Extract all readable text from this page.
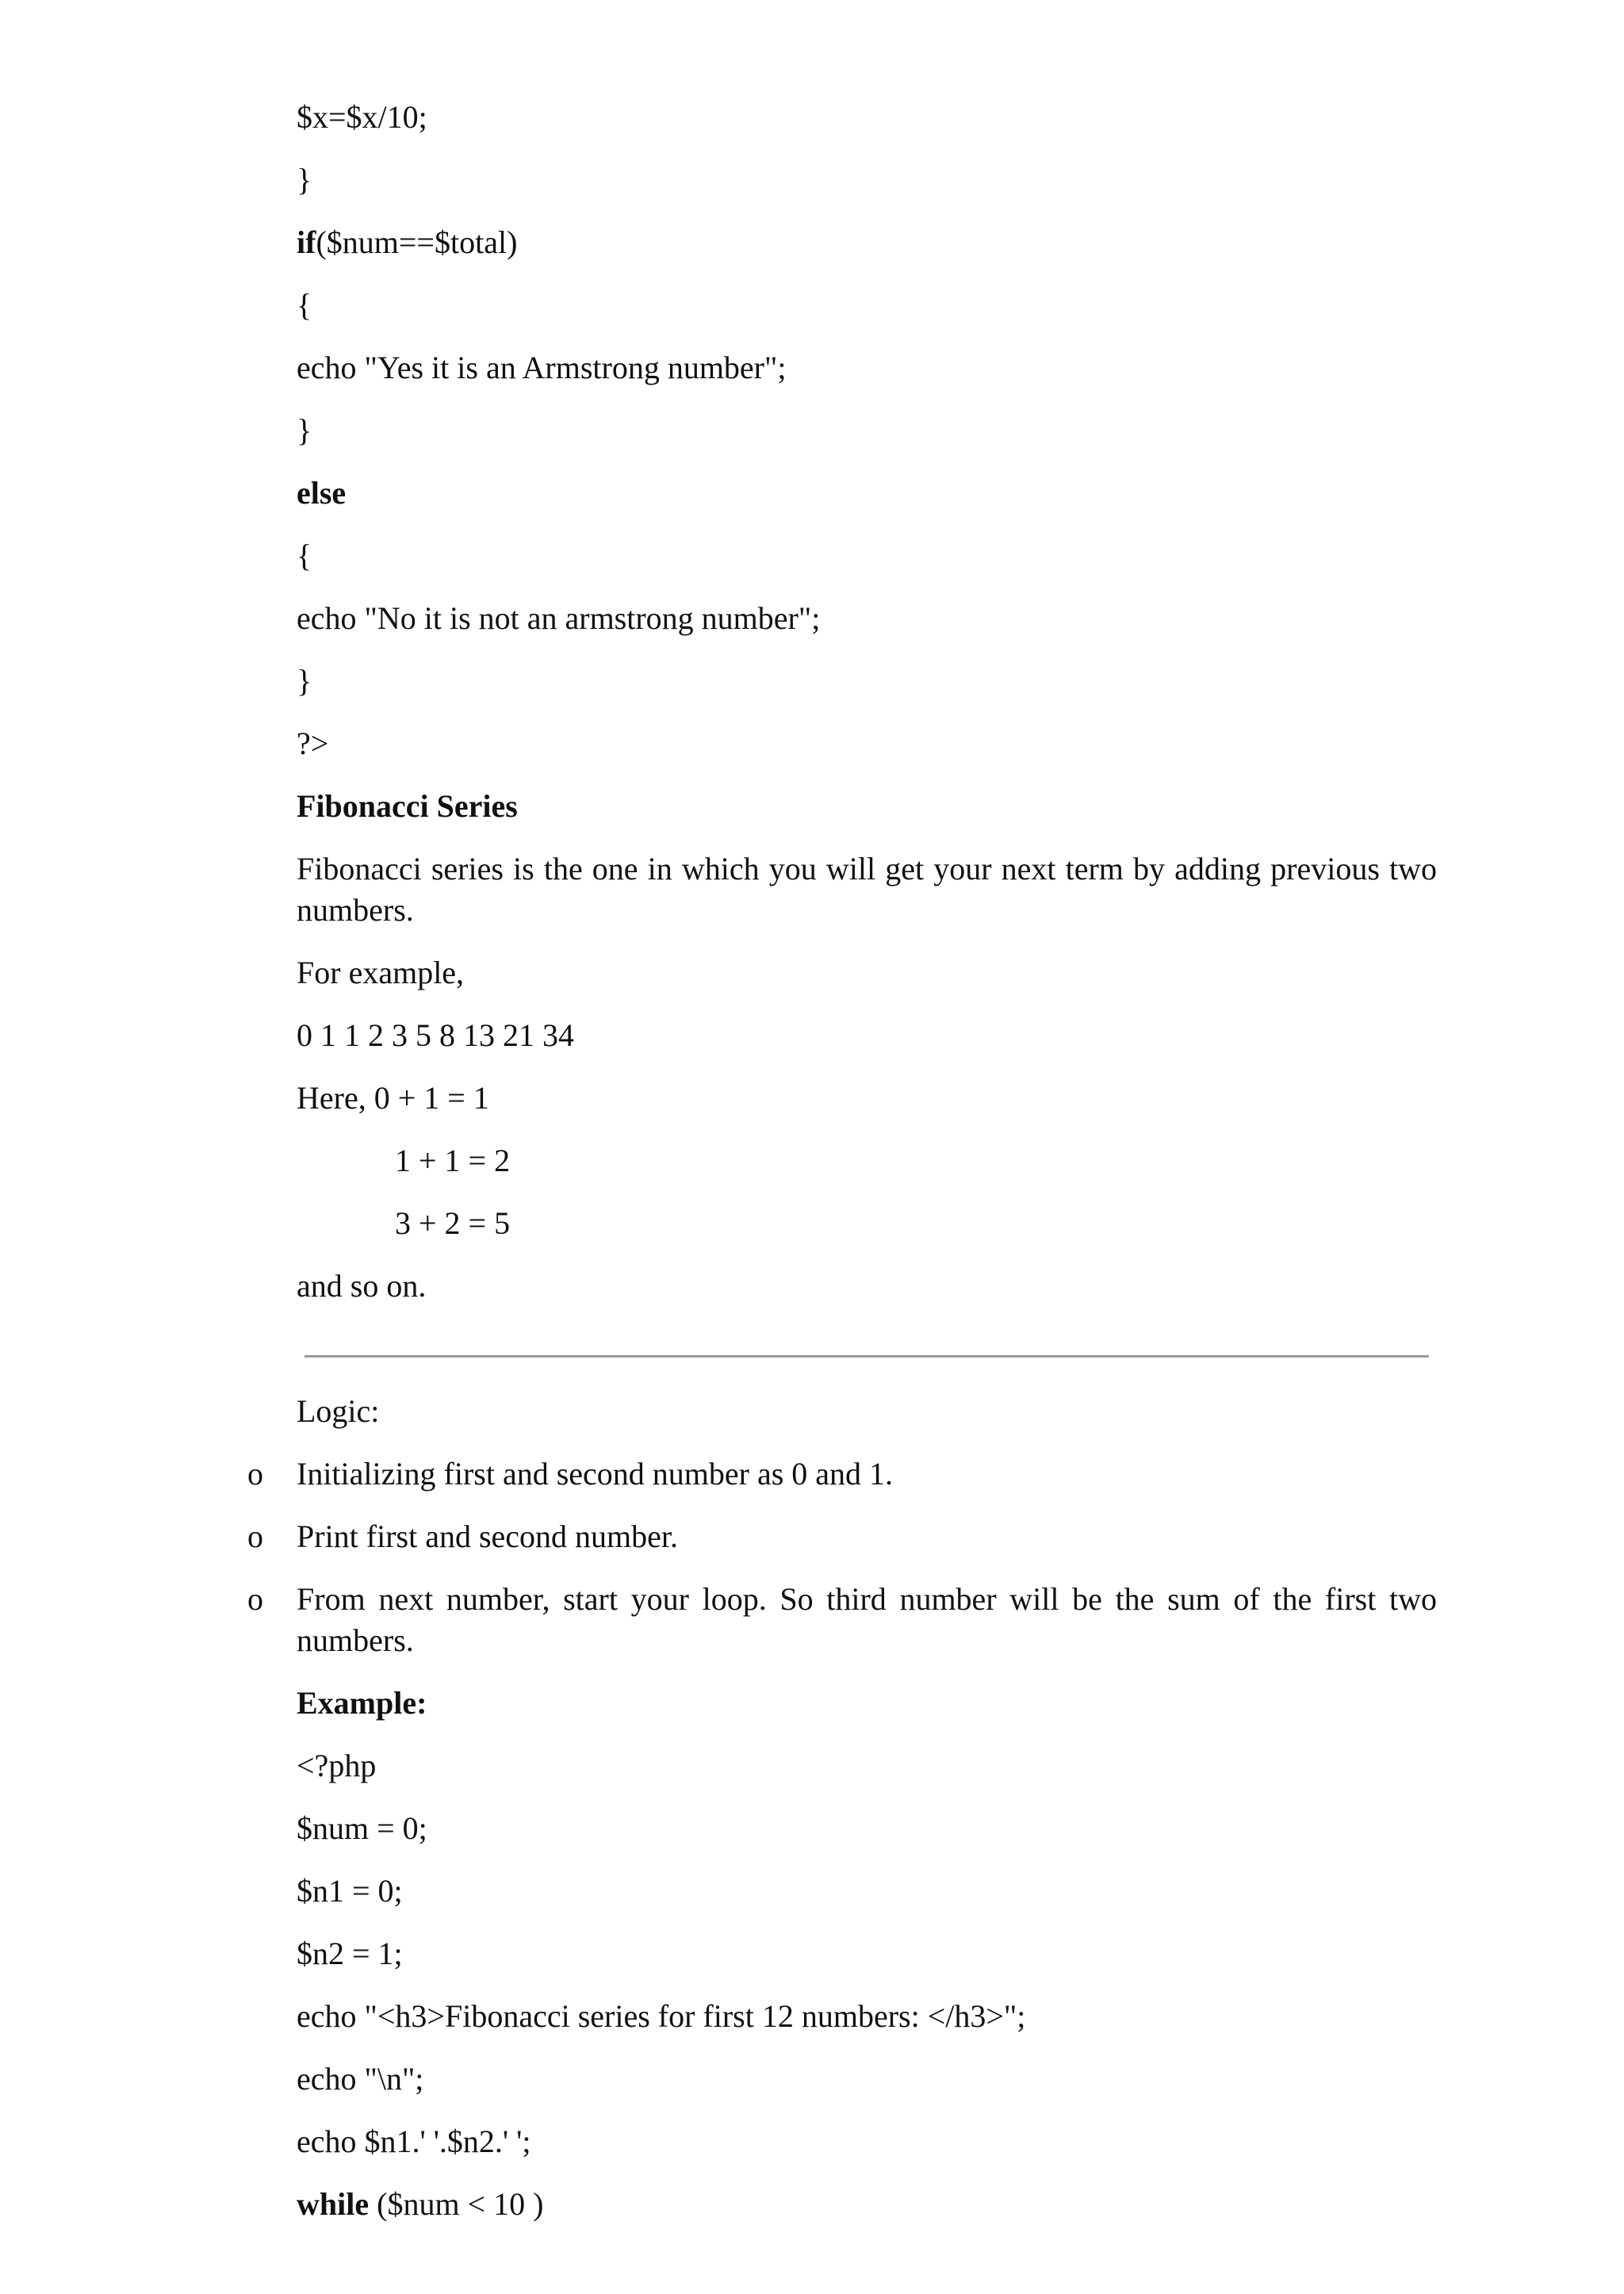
$x=$x/10;
}
if($num==$total)
{
echo "Yes it is an Armstrong number";
}
else
{
echo "No it is not an armstrong number";
}
?>
Fibonacci Series
Fibonacci series is the one in which you will get your next term by adding previous two numbers.
For example,
0 1 1 2 3 5 8 13 21 34
Here, 0 + 1 = 1
1 + 1 = 2
3 + 2 = 5
and so on.
Logic:
o Initializing first and second number as 0 and 1.
o Print first and second number.
o From next number, start your loop. So third number will be the sum of the first two numbers.
Example:
<?php
$num = 0;
$n1 = 0;
$n2 = 1;
echo "<h3>Fibonacci series for first 12 numbers: </h3>";
echo "\n";
echo $n1.' '.$n2.' ';
while ($num < 10 )
